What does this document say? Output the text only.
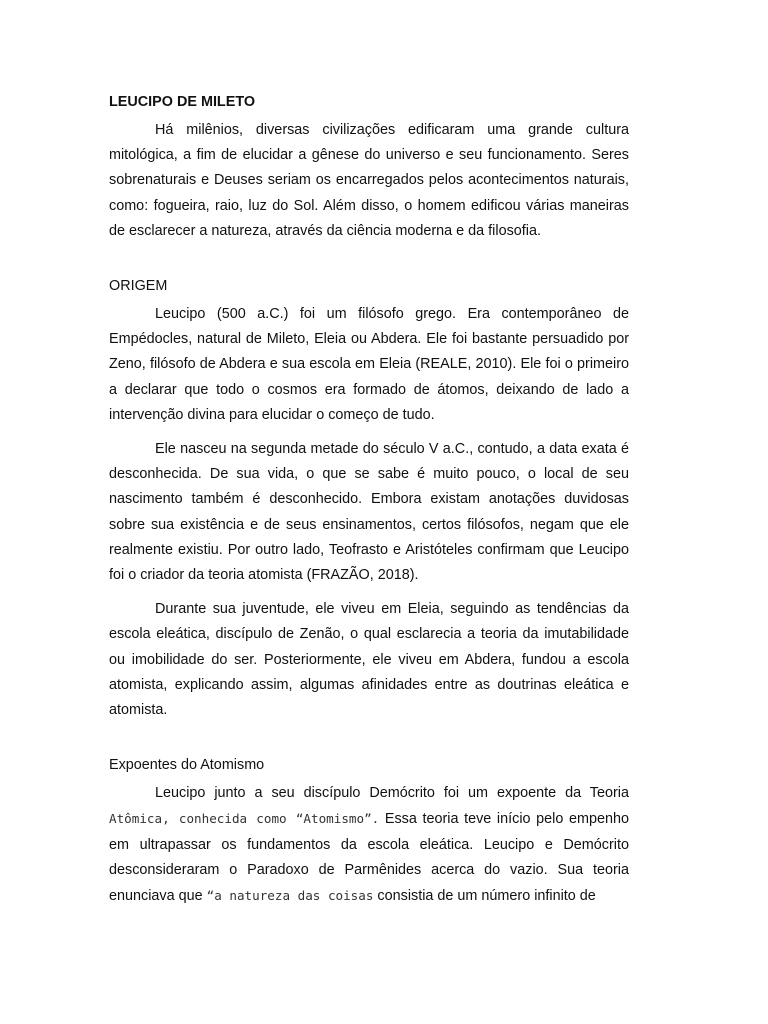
LEUCIPO DE MILETO

Há milênios, diversas civilizações edificaram uma grande cultura mitológica, a fim de elucidar a gênese do universo e seu funcionamento. Seres sobrenaturais e Deuses seriam os encarregados pelos acontecimentos naturais, como: fogueira, raio, luz do Sol. Além disso, o homem edificou várias maneiras de esclarecer a natureza, através da ciência moderna e da filosofia.

ORIGEM

Leucipo (500 a.C.) foi um filósofo grego. Era contemporâneo de Empédocles, natural de Mileto, Eleia ou Abdera. Ele foi bastante persuadido por Zeno, filósofo de Abdera e sua escola em Eleia (REALE, 2010). Ele foi o primeiro a declarar que todo o cosmos era formado de átomos, deixando de lado a intervenção divina para elucidar o começo de tudo.

Ele nasceu na segunda metade do século V a.C., contudo, a data exata é desconhecida. De sua vida, o que se sabe é muito pouco, o local de seu nascimento também é desconhecido. Embora existam anotações duvidosas sobre sua existência e de seus ensinamentos, certos filósofos, negam que ele realmente existiu. Por outro lado, Teofrasto e Aristóteles confirmam que Leucipo foi o criador da teoria atomista (FRAZÃO, 2018).

Durante sua juventude, ele viveu em Eleia, seguindo as tendências da escola eleática, discípulo de Zenão, o qual esclarecia a teoria da imutabilidade ou imobilidade do ser. Posteriormente, ele viveu em Abdera, fundou a escola atomista, explicando assim, algumas afinidades entre as doutrinas eleática e atomista.

Expoentes do Atomismo

Leucipo junto a seu discípulo Demócrito foi um expoente da Teoria Atômica, conhecida como “Atomismo”. Essa teoria teve início pelo empenho em ultrapassar os fundamentos da escola eleática. Leucipo e Demócrito desconsideraram o Paradoxo de Parmênides acerca do vazio. Sua teoria enunciava que “a natureza das coisas consistia de um número infinito de
